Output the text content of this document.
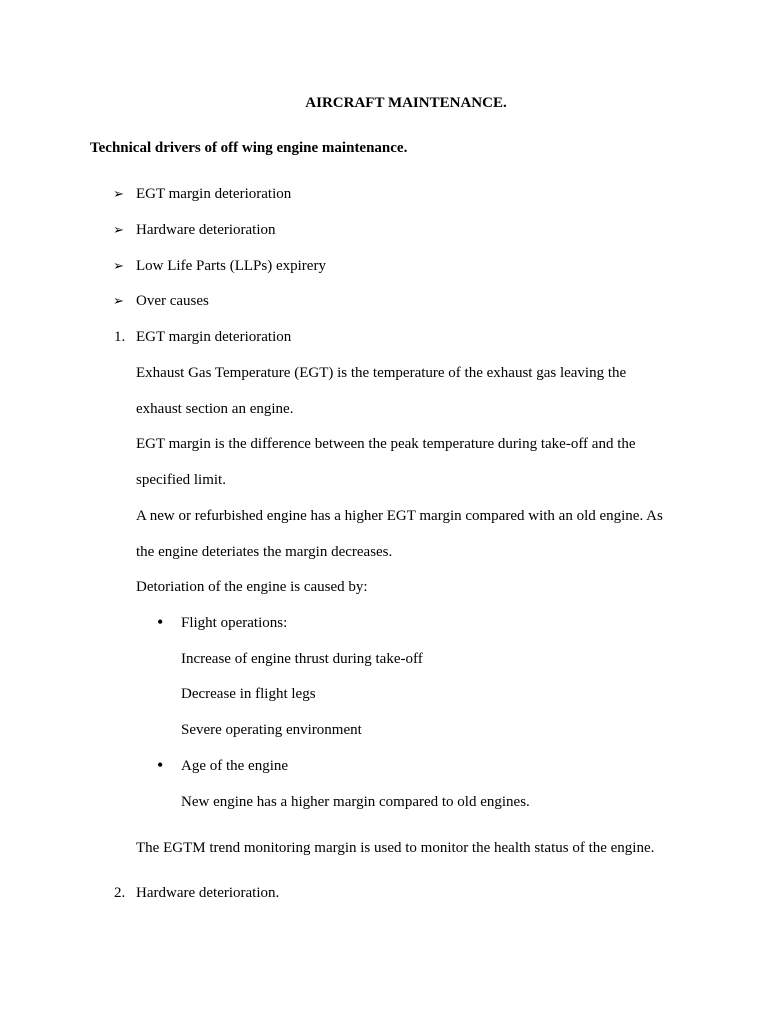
AIRCRAFT MAINTENANCE.
Technical drivers of off wing engine maintenance.
➢ EGT margin deterioration
➢ Hardware deterioration
➢ Low Life Parts (LLPs) expirery
➢ Over causes
1. EGT margin deterioration
Exhaust Gas Temperature (EGT) is the temperature of the exhaust gas leaving the
exhaust section an engine.
EGT margin is the difference between the peak temperature during take-off and the
specified limit.
A new or refurbished engine has a higher EGT margin compared with an old engine. As
the engine deteriates the margin decreases.
Detoriation of the engine is caused by:
• Flight operations:
Increase of engine thrust during take-off
Decrease in flight legs
Severe operating environment
• Age of the engine
New engine has a higher margin compared to old engines.
The EGTM trend monitoring margin is used to monitor the health status of the engine.
2. Hardware deterioration.
